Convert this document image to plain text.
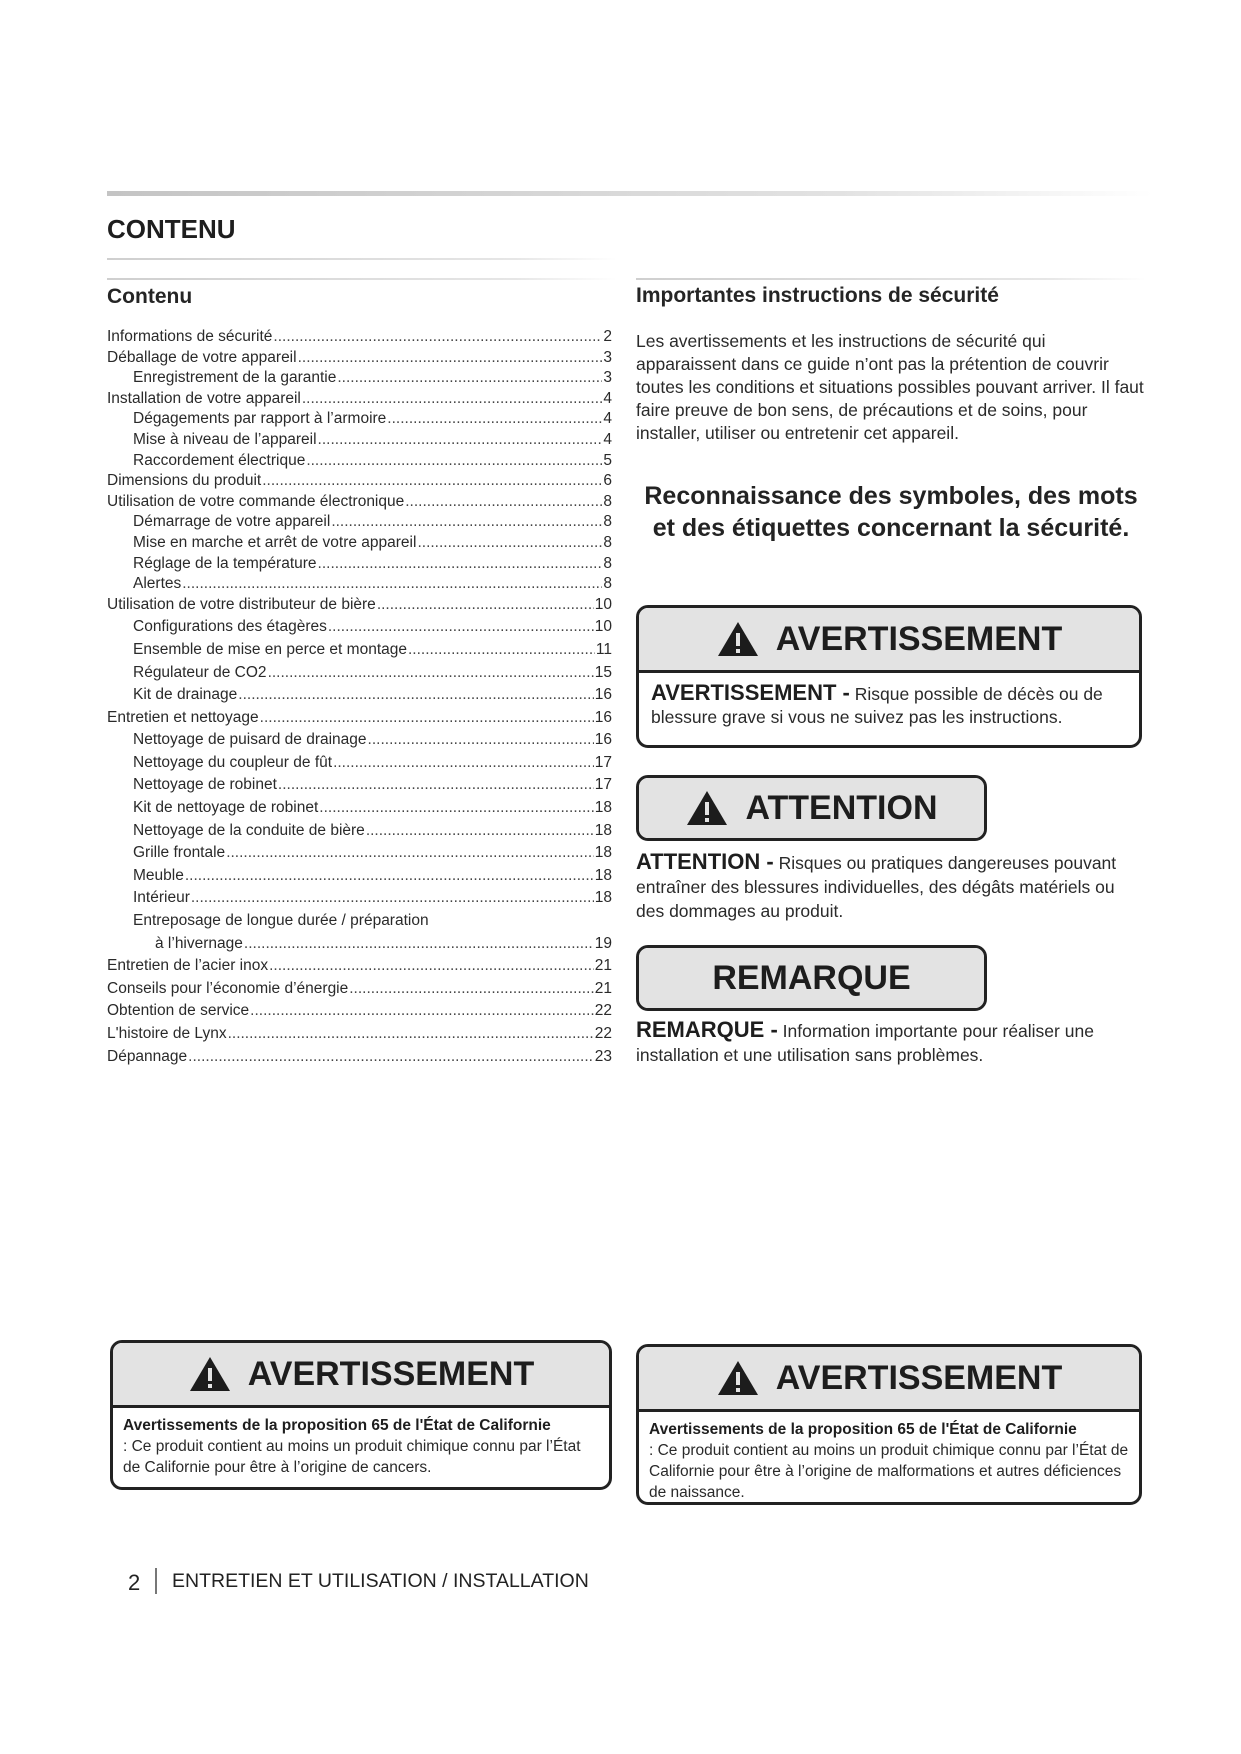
CONTENU
Contenu
Informations de sécurité .....	2
Déballage de votre appareil .....	3
Enregistrement de la garantie .....	3
Installation de votre appareil .....	4
Dégagements par rapport à l’armoire .....	4
Mise à niveau de l’appareil .....	4
Raccordement électrique .....	5
Dimensions du produit .....	6
Utilisation de votre commande électronique .....	8
Démarrage de votre appareil .....	8
Mise en marche et arrêt de votre appareil .....	8
Réglage de la température .....	8
Alertes .....	8
Utilisation de votre distributeur de bière .....	10
Configurations des étagères .....	10
Ensemble de mise en perce et montage .....	11
Régulateur de CO2 .....	15
Kit de drainage .....	16
Entretien et nettoyage .....	16
Nettoyage de puisard de drainage .....	16
Nettoyage du coupleur de fût .....	17
Nettoyage de robinet .....	17
Kit de nettoyage de robinet .....	18
Nettoyage de la conduite de bière .....	18
Grille frontale .....	18
Meuble .....	18
Intérieur .....	18
Entreposage de longue durée / préparation
à l’hivernage .....	19
Entretien de l’acier inox .....	21
Conseils pour l’économie d’énergie .....	21
Obtention de service .....	22
L'histoire de Lynx .....	22
Dépannage .....	23
Importantes instructions de sécurité

Les avertissements et les instructions de sécurité qui apparaissent dans ce guide n’ont pas la prétention de couvrir toutes les conditions et situations possibles pouvant arriver. Il faut faire preuve de bon sens, de précautions et de soins, pour installer, utiliser ou entretenir cet appareil.

Reconnaissance des symboles, des mots et des étiquettes concernant la sécurité.

AVERTISSEMENT
AVERTISSEMENT - Risque possible de décès ou de blessure grave si vous ne suivez pas les instructions.
ATTENTION

ATTENTION - Risques ou pratiques dangereuses pouvant entraîner des blessures individuelles, des dégâts matériels ou des dommages au produit.

REMARQUE

REMARQUE - Information importante pour réaliser une installation et une utilisation sans problèmes.

AVERTISSEMENT
Avertissements de la proposition 65 de l'État de Californie
: Ce produit contient au moins un produit chimique connu par l’État de Californie pour être à l’origine de cancers.
AVERTISSEMENT
Avertissements de la proposition 65 de l'État de Californie
: Ce produit contient au moins un produit chimique connu par l’État de Californie pour être à l’origine de malformations et autres déficiences de naissance.
2 ENTRETIEN ET UTILISATION / INSTALLATION
